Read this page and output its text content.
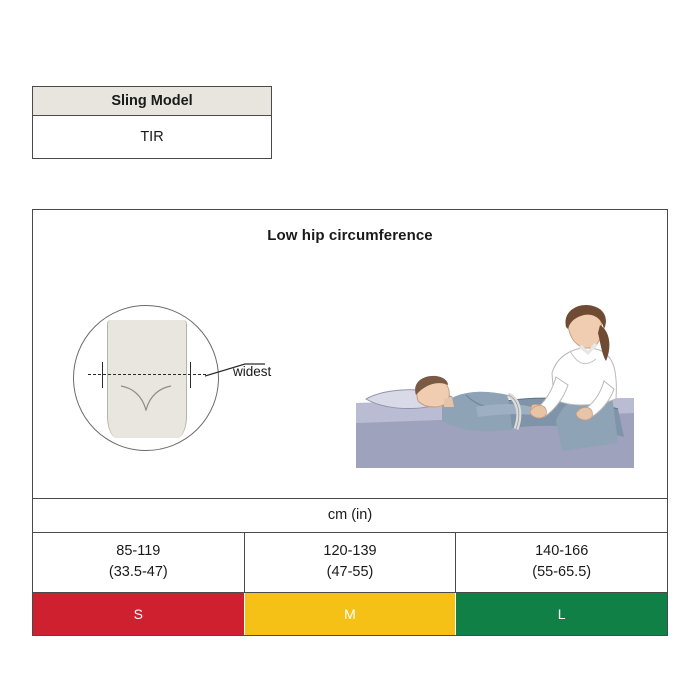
Sling Model
TIR
Low hip circumference
widest
cm (in)
85-119
(33.5-47)
120-139
(47-55)
140-166
(55-65.5)
S	M	L
